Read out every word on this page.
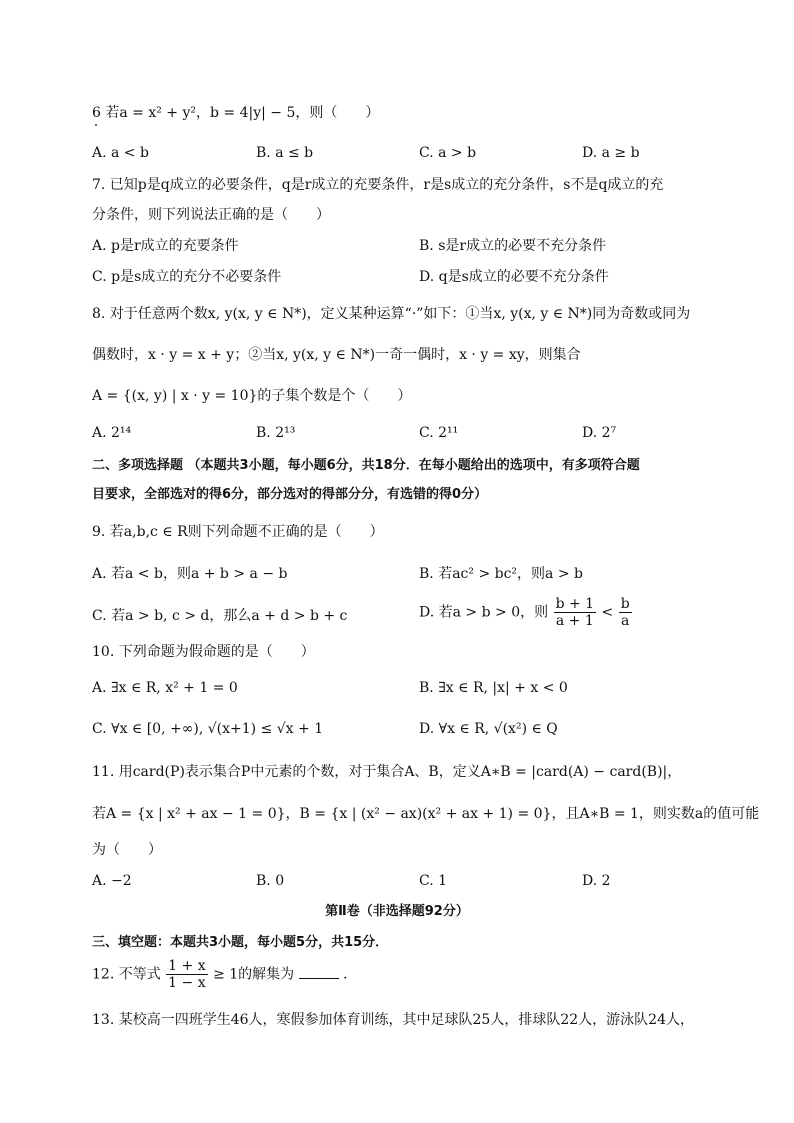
6 若a = x² + y²，b = 4|y| − 5，则（　　）
A. a < b	B. a ≤ b	C. a > b	D. a ≥ b
7. 已知p是q成立的必要条件，q是r成立的充要条件，r是s成立的充分条件，s不是q成立的充
分条件，则下列说法正确的是（　　）
A. p是r成立的充要条件	B. s是r成立的必要不充分条件
C. p是s成立的充分不必要条件	D. q是s成立的必要不充分条件
8. 对于任意两个数x, y(x, y ∈ N*)，定义某种运算“·”如下：①当x, y(x, y ∈ N*)同为奇数或同为
偶数时，x · y = x + y；②当x, y(x, y ∈ N*)一奇一偶时，x · y = xy，则集合
A = {(x, y) | x · y = 10}的子集个数是个（　　）
A. 2¹⁴	B. 2¹³	C. 2¹¹	D. 2⁷
二、多项选择题 （本题共3小题，每小题6分，共18分．在每小题给出的选项中，有多项符合题
目要求，全部选对的得6分，部分选对的得部分分，有选错的得0分）
9. 若a,b,c ∈ R则下列命题不正确的是（　　）
A. 若a < b，则a + b > a − b	B. 若ac² > bc²，则a > b
C. 若a > b, c > d，那么a + d > b + c	D. 若a > b > 0，则 $\frac{b + 1}{a + 1} < \frac{b}{a}$
10. 下列命题为假命题的是（　　）
A. ∃x ∈ R, x² + 1 = 0	B. ∃x ∈ R, |x| + x < 0
C. ∀x ∈ [0, +∞), √(x+1) ≤ √x + 1	D. ∀x ∈ R, √(x²) ∈ Q
11. 用card(P)表示集合P中元素的个数，对于集合A、B，定义A∗B = |card(A) − card(B)|，
若A = {x | x² + ax − 1 = 0}，B = {x | (x² − ax)(x² + ax + 1) = 0}，且A∗B = 1，则实数a的值可能
为（　　）
A. −2	B. 0	C. 1	D. 2
第Ⅱ卷（非选择题92分）
三、填空题：本题共3小题，每小题5分，共15分．
12. 不等式 $\frac{1 + x}{1 - x} \ge 1$的解集为	．
13. 某校高一四班学生46人，寒假参加体育训练，其中足球队25人，排球队22人，游泳队24人，
